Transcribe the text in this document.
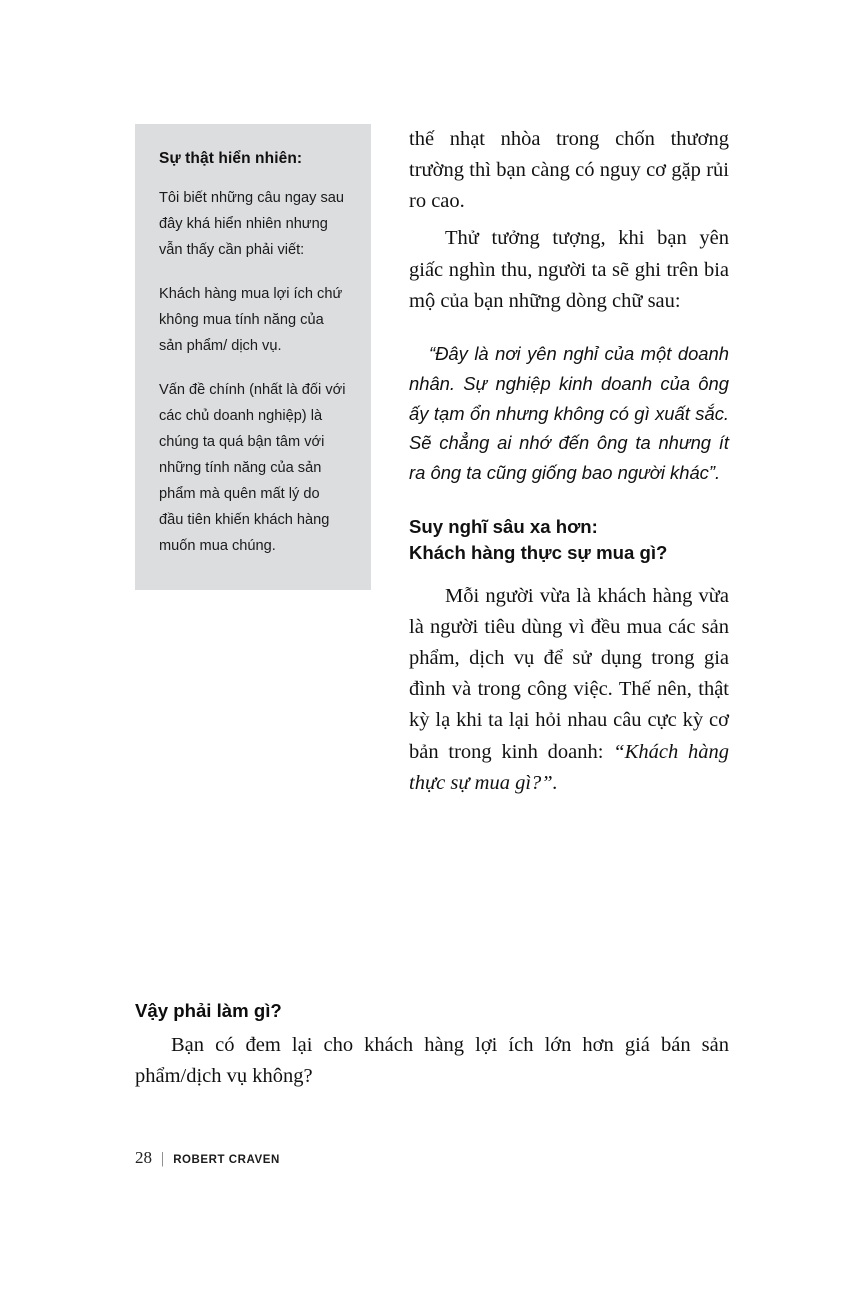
Sự thật hiển nhiên:

Tôi biết những câu ngay sau đây khá hiển nhiên nhưng vẫn thấy cần phải viết:

Khách hàng mua lợi ích chứ không mua tính năng của sản phẩm/ dịch vụ.

Vấn đề chính (nhất là đối với các chủ doanh nghiệp) là chúng ta quá bận tâm với những tính năng của sản phẩm mà quên mất lý do đầu tiên khiến khách hàng muốn mua chúng.

thế nhạt nhòa trong chốn thương trường thì bạn càng có nguy cơ gặp rủi ro cao.

Thử tưởng tượng, khi bạn yên giấc nghìn thu, người ta sẽ ghi trên bia mộ của bạn những dòng chữ sau:

“Đây là nơi yên nghỉ của một doanh nhân. Sự nghiệp kinh doanh của ông ấy tạm ổn nhưng không có gì xuất sắc. Sẽ chẳng ai nhớ đến ông ta nhưng ít ra ông ta cũng giống bao người khác”.

Suy nghĩ sâu xa hơn:

Khách hàng thực sự mua gì?

Mỗi người vừa là khách hàng vừa là người tiêu dùng vì đều mua các sản phẩm, dịch vụ để sử dụng trong gia đình và trong công việc. Thế nên, thật kỳ lạ khi ta lại hỏi nhau câu cực kỳ cơ bản trong kinh doanh: “Khách hàng thực sự mua gì?”.

Vậy phải làm gì?

Bạn có đem lại cho khách hàng lợi ích lớn hơn giá bán sản phẩm/dịch vụ không?

28 | ROBERT CRAVEN
